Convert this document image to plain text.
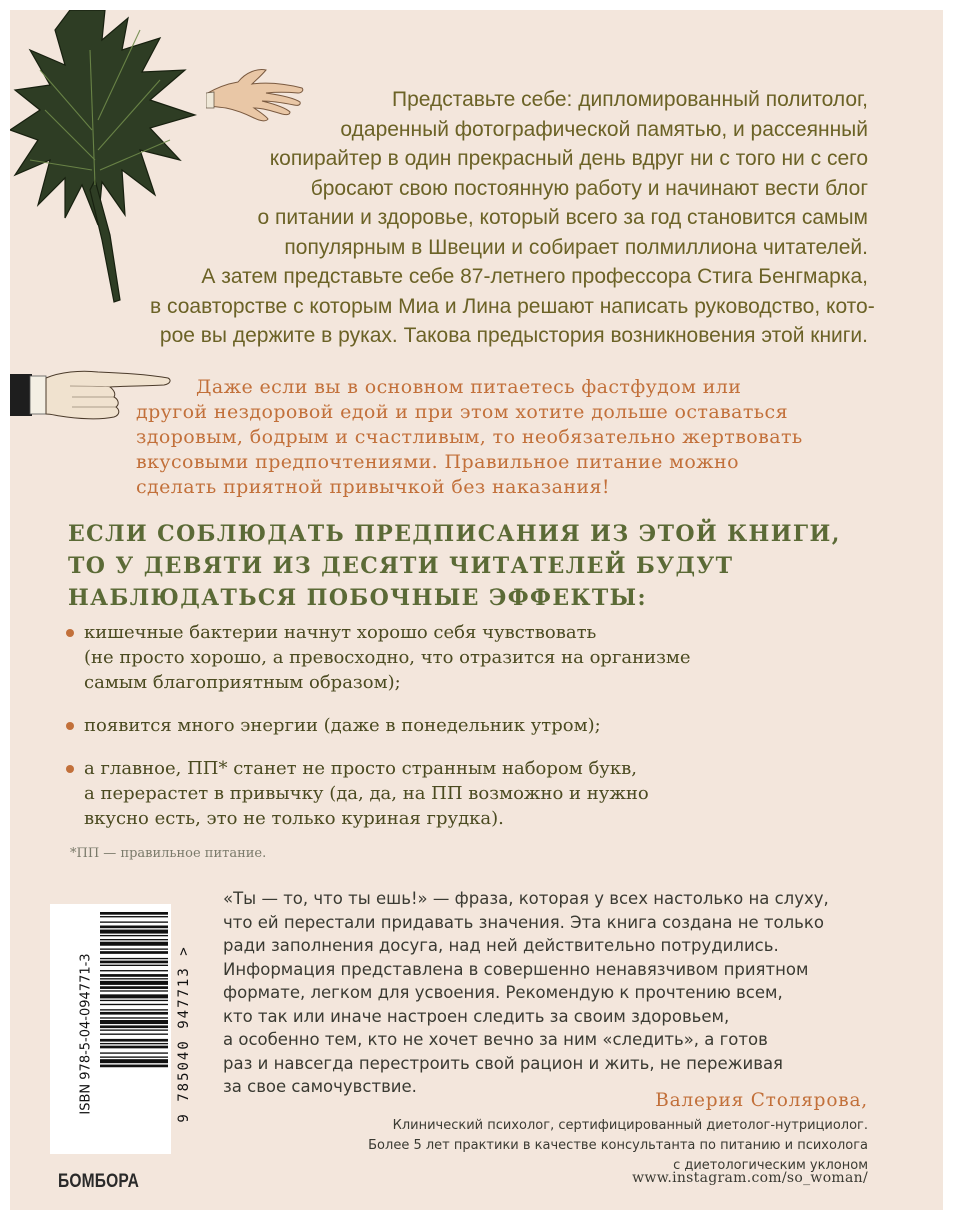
Представьте себе: дипломированный политолог,
одаренный фотографической памятью, и рассеянный
копирайтер в один прекрасный день вдруг ни с того ни с сего
бросают свою постоянную работу и начинают вести блог
о питании и здоровье, который всего за год становится самым
популярным в Швеции и собирает полмиллиона читателей.
А затем представьте себе 87-летнего профессора Стига Бенгмарка,
в соавторстве с которым Миа и Лина решают написать руководство, кото-
рое вы держите в руках. Такова предыстория возникновения этой книги.
Даже если вы в основном питаетесь фастфудом или
другой нездоровой едой и при этом хотите дольше оставаться
здоровым, бодрым и счастливым, то необязательно жертвовать
вкусовыми предпочтениями. Правильное питание можно
сделать приятной привычкой без наказания!
ЕСЛИ СОБЛЮДАТЬ ПРЕДПИСАНИЯ ИЗ ЭТОЙ КНИГИ,
ТО У ДЕВЯТИ ИЗ ДЕСЯТИ ЧИТАТЕЛЕЙ БУДУТ
НАБЛЮДАТЬСЯ ПОБОЧНЫЕ ЭФФЕКТЫ:
кишечные бактерии начнут хорошо себя чувствовать
(не просто хорошо, а превосходно, что отразится на организме
самым благоприятным образом);
появится много энергии (даже в понедельник утром);
а главное, ПП* станет не просто странным набором букв,
а перерастет в привычку (да, да, на ПП возможно и нужно
вкусно есть, это не только куриная грудка).
*ПП — правильное питание.
ISBN 978-5-04-094771-3	9 785040 947713 >
БОМБОРА
«Ты — то, что ты ешь!» — фраза, которая у всех настолько на слуху,
что ей перестали придавать значения. Эта книга создана не только
ради заполнения досуга, над ней действительно потрудились.
Информация представлена в совершенно ненавязчивом приятном
формате, легком для усвоения. Рекомендую к прочтению всем,
кто так или иначе настроен следить за своим здоровьем,
а особенно тем, кто не хочет вечно за ним «следить», а готов
раз и навсегда перестроить свой рацион и жить, не переживая
за свое самочувствие.
Валерия Столярова,
Клинический психолог, сертифицированный диетолог-нутрициолог.
Более 5 лет практики в качестве консультанта по питанию и психолога
с диетологическим уклоном
www.instagram.com/so_woman/
